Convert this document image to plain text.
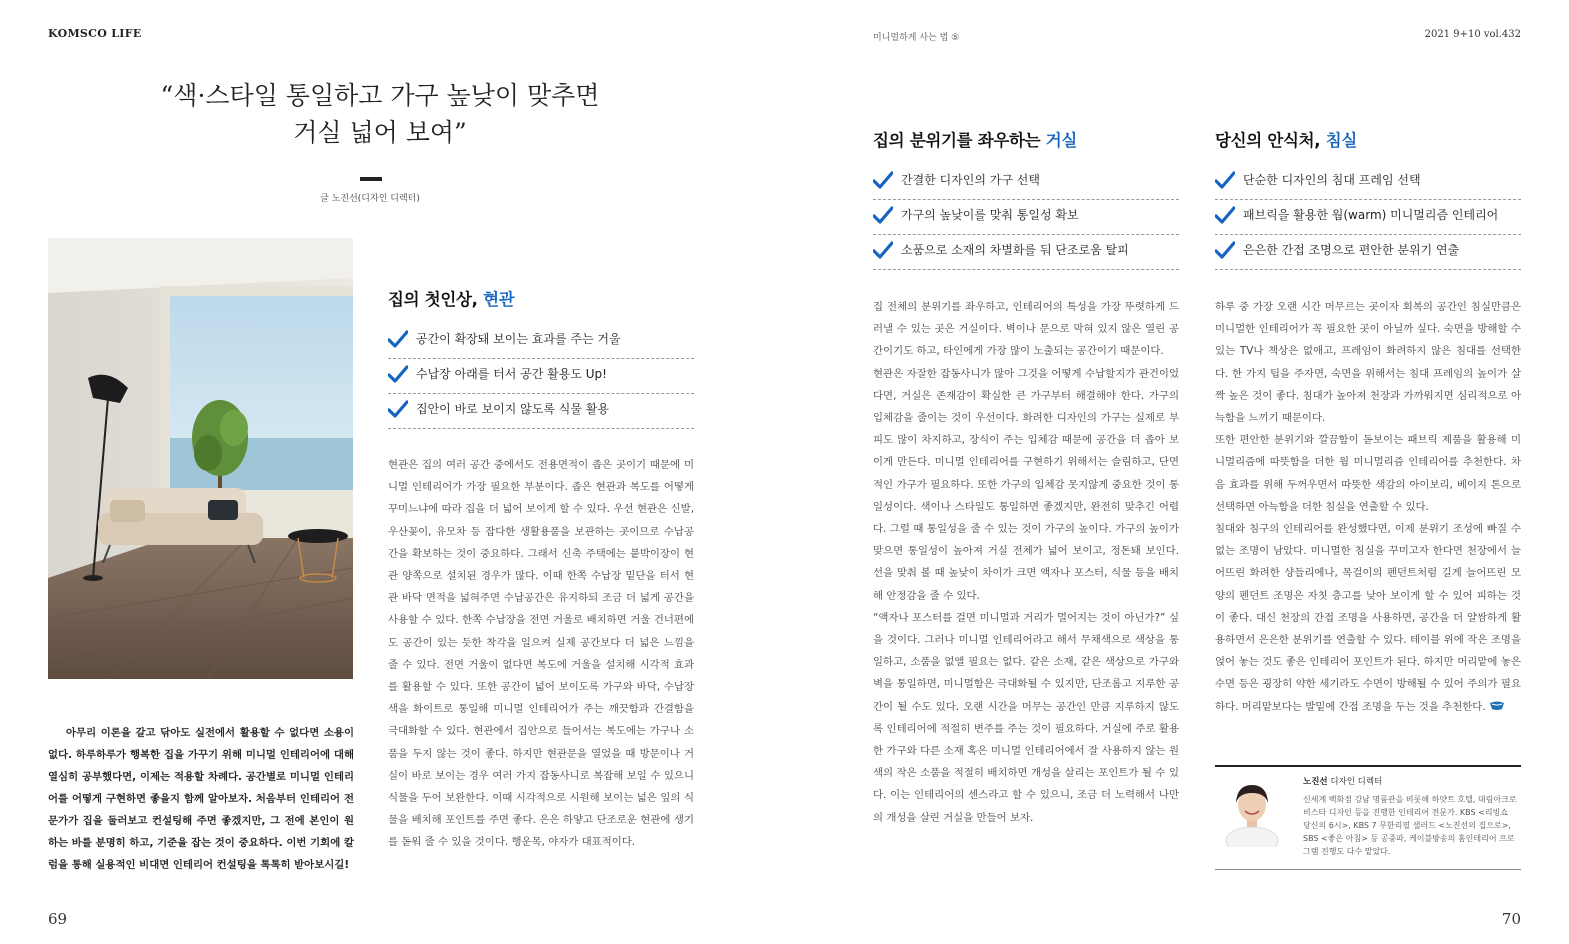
KOMSCO LIFE	미니멀하게 사는 법 ⑤	2021 9+10 vol.432
“색·스타일 통일하고 가구 높낮이 맞추면
거실 넓어 보여”
글 노진선(디자인 디렉터)
아무리 이론을 갈고 닦아도 실전에서 활용할 수 없다면 소용이 없다. 하루하루가 행복한 집을 가꾸기 위해 미니멀 인테리어에 대해 열심히 공부했다면, 이제는 적용할 차례다. 공간별로 미니멀 인테리어를 어떻게 구현하면 좋을지 함께 알아보자. 처음부터 인테리어 전문가가 집을 둘러보고 컨설팅해 주면 좋겠지만, 그 전에 본인이 원하는 바를 분명히 하고, 기준을 잡는 것이 중요하다. 이번 기회에 칼럼을 통해 실용적인 비대면 인테리어 컨설팅을 톡톡히 받아보시길!
집의 첫인상, 현관
공간이 확장돼 보이는 효과를 주는 거울
수납장 아래를 터서 공간 활용도 Up!
집안이 바로 보이지 않도록 식물 활용

현관은 집의 여러 공간 중에서도 전용면적이 좁은 곳이기 때문에 미니멀 인테리어가 가장 필요한 부분이다. 좁은 현관과 복도를 어떻게 꾸미느냐에 따라 집을 더 넓어 보이게 할 수 있다. 우선 현관은 신발, 우산꽂이, 유모차 등 잡다한 생활용품을 보관하는 곳이므로 수납공간을 확보하는 것이 중요하다. 그래서 신축 주택에는 붙박이장이 현관 양쪽으로 설치된 경우가 많다. 이때 한쪽 수납장 밑단을 터서 현관 바닥 면적을 넓혀주면 수납공간은 유지하되 조금 더 넓게 공간을 사용할 수 있다. 한쪽 수납장을 전면 거울로 배치하면 거울 건너편에도 공간이 있는 듯한 착각을 일으켜 실제 공간보다 더 넓은 느낌을 줄 수 있다. 전면 거울이 없다면 복도에 거울을 설치해 시각적 효과를 활용할 수 있다. 또한 공간이 넓어 보이도록 가구와 바닥, 수납장 색을 화이트로 통일해 미니멀 인테리어가 주는 깨끗함과 간결함을 극대화할 수 있다. 현관에서 집안으로 들어서는 복도에는 가구나 소품을 두지 않는 것이 좋다. 하지만 현관문을 열었을 때 방문이나 거실이 바로 보이는 경우 여러 가지 잡동사니로 복잡해 보일 수 있으니 식물을 두어 보완한다. 이때 시각적으로 시원해 보이는 넓은 잎의 식물을 배치해 포인트를 주면 좋다. 은은 하얗고 단조로운 현관에 생기를 돋워 줄 수 있을 것이다. 행운목, 야자가 대표적이다.

집의 분위기를 좌우하는 거실
간결한 디자인의 가구 선택
가구의 높낮이를 맞춰 통일성 확보
소품으로 소재의 차별화를 둬 단조로움 탈피

집 전체의 분위기를 좌우하고, 인테리어의 특성을 가장 뚜렷하게 드러낼 수 있는 곳은 거실이다. 벽이나 문으로 막혀 있지 않은 열린 공간이기도 하고, 타인에게 가장 많이 노출되는 공간이기 때문이다.

현관은 자잘한 잡동사니가 많아 그것을 어떻게 수납할지가 관건이었다면, 거실은 존재감이 확실한 큰 가구부터 해결해야 한다. 가구의 입체감을 줄이는 것이 우선이다. 화려한 디자인의 가구는 실제로 부피도 많이 차지하고, 장식이 주는 입체감 때문에 공간을 더 좁아 보이게 만든다. 미니멀 인테리어를 구현하기 위해서는 슬림하고, 단면적인 가구가 필요하다. 또한 가구의 입체감 못지않게 중요한 것이 통일성이다. 색이나 스타일도 통일하면 좋겠지만, 완전히 맞추긴 어렵다. 그럴 때 통일성을 줄 수 있는 것이 가구의 높이다. 가구의 높이가 맞으면 통일성이 높아져 거실 전체가 넓어 보이고, 정돈돼 보인다. 선을 맞춰 볼 때 높낮이 차이가 크면 액자나 포스터, 식물 등을 배치해 안정감을 줄 수 있다.

“액자나 포스터를 걸면 미니멀과 거리가 멀어지는 것이 아닌가?” 싶을 것이다. 그러나 미니멀 인테리어라고 해서 무채색으로 색상을 통일하고, 소품을 없앨 필요는 없다. 같은 소재, 같은 색상으로 가구와 벽을 통일하면, 미니멀함은 극대화될 수 있지만, 단조롭고 지루한 공간이 될 수도 있다. 오랜 시간을 머무는 공간인 만큼 지루하지 않도록 인테리어에 적절히 변주를 주는 것이 필요하다. 거실에 주로 활용한 가구와 다른 소재 혹은 미니멀 인테리어에서 잘 사용하지 않는 원색의 작은 소품을 적절히 배치하면 개성을 살리는 포인트가 될 수 있다. 이는 인테리어의 센스라고 할 수 있으니, 조금 더 노력해서 나만의 개성을 살린 거실을 만들어 보자.

당신의 안식처, 침실
단순한 디자인의 침대 프레임 선택
패브릭을 활용한 웜(warm) 미니멀리즘 인테리어
은은한 간접 조명으로 편안한 분위기 연출

하루 중 가장 오랜 시간 머무르는 곳이자 회복의 공간인 침실만큼은 미니멀한 인테리어가 꼭 필요한 곳이 아닐까 싶다. 숙면을 방해할 수 있는 TV나 책상은 없애고, 프레임이 화려하지 않은 침대를 선택한다. 한 가지 팁을 주자면, 숙면을 위해서는 침대 프레임의 높이가 살짝 높은 것이 좋다. 침대가 높아져 천장과 가까워지면 심리적으로 아늑함을 느끼기 때문이다.

또한 편안한 분위기와 깔끔함이 돋보이는 패브릭 제품을 활용해 미니멀리즘에 따뜻함을 더한 웜 미니멀리즘 인테리어를 추천한다. 차음 효과를 위해 두꺼우면서 따뜻한 색감의 아이보리, 베이지 톤으로 선택하면 아늑함을 더한 침실을 연출할 수 있다.

침대와 침구의 인테리어를 완성했다면, 이제 분위기 조성에 빠질 수 없는 조명이 남았다. 미니멀한 침실을 꾸미고자 한다면 천장에서 늘어뜨린 화려한 샹들리에나, 목걸이의 펜던트처럼 길게 늘어뜨린 모양의 펜던트 조명은 자칫 층고를 낮아 보이게 할 수 있어 피하는 것이 좋다. 대신 천장의 간접 조명을 사용하면, 공간을 더 얄쌈하게 활용하면서 은은한 분위기를 연출할 수 있다. 테이블 위에 작은 조명을 얹어 놓는 것도 좋은 인테리어 포인트가 된다. 하지만 머리맡에 놓은 수면 등은 굉장히 약한 세기라도 수면이 방해될 수 있어 주의가 필요하다. 머리맡보다는 발밑에 간접 조명을 두는 것을 추천한다.

노진선 디자인 디렉터
신세계 백화점 강남 명품관을 비롯해 하얏트 호텔, 대림아크로비스타 디자인 등을 진행한 인테리어 전문가. KBS <리빙쇼 당신의 6시>, KBS 7 무한리필 샐러드 <노진선의 집으로>, SBS <좋은 아침> 등 공중파, 케이블방송의 홈인테리어 프로그램 진행도 다수 맡았다.
69	70
